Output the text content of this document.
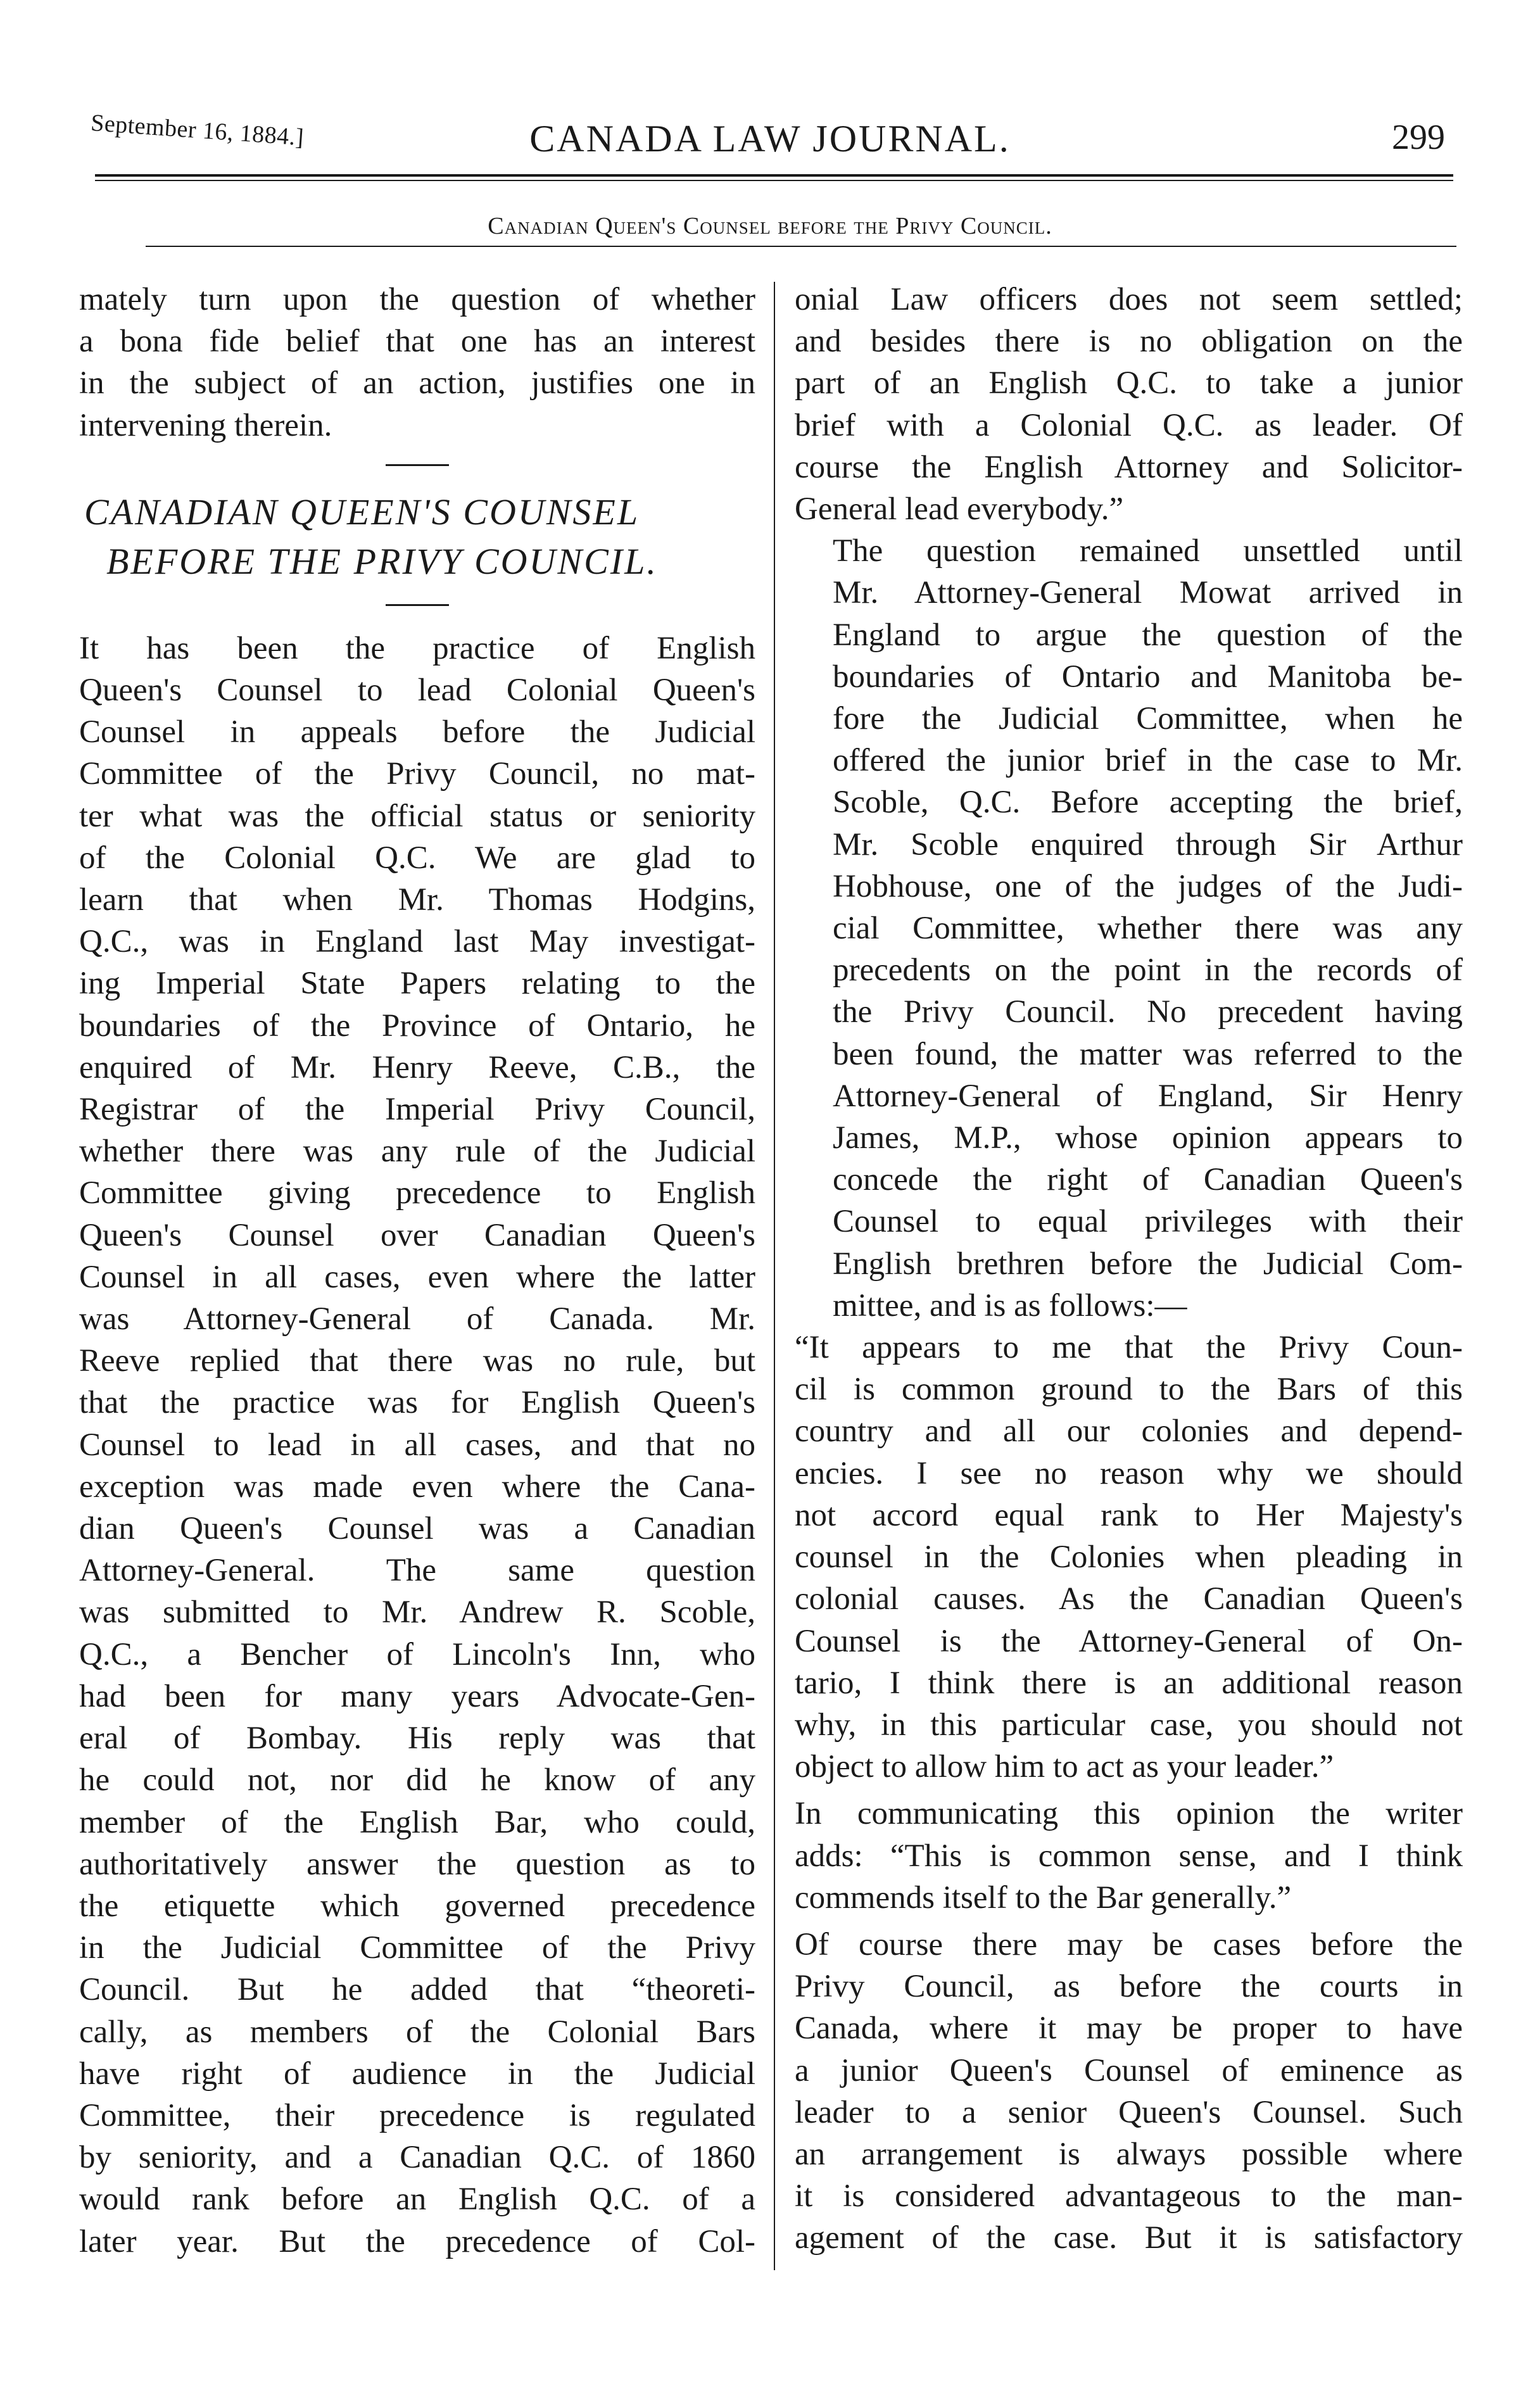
September 16, 1884.]	CANADA LAW JOURNAL.	299
Canadian Queen's Counsel before the Privy Council.

mately turn upon the question of whether
a bona fide belief that one has an interest
in the subject of an action, justifies one in
intervening therein.

CANADIAN QUEEN'S COUNSEL
BEFORE THE PRIVY COUNCIL.

It has been the practice of English
Queen's Counsel to lead Colonial Queen's
Counsel in appeals before the Judicial
Committee of the Privy Council, no mat-
ter what was the official status or seniority
of the Colonial Q.C. We are glad to
learn that when Mr. Thomas Hodgins,
Q.C., was in England last May investigat-
ing Imperial State Papers relating to the
boundaries of the Province of Ontario, he
enquired of Mr. Henry Reeve, C.B., the
Registrar of the Imperial Privy Council,
whether there was any rule of the Judicial
Committee giving precedence to English
Queen's Counsel over Canadian Queen's
Counsel in all cases, even where the latter
was Attorney-General of Canada. Mr.
Reeve replied that there was no rule, but
that the practice was for English Queen's
Counsel to lead in all cases, and that no
exception was made even where the Cana-
dian Queen's Counsel was a Canadian
Attorney-General. The same question
was submitted to Mr. Andrew R. Scoble,
Q.C., a Bencher of Lincoln's Inn, who
had been for many years Advocate-Gen-
eral of Bombay. His reply was that
he could not, nor did he know of any
member of the English Bar, who could,
authoritatively answer the question as to
the etiquette which governed precedence
in the Judicial Committee of the Privy
Council. But he added that “theoreti-
cally, as members of the Colonial Bars
have right of audience in the Judicial
Committee, their precedence is regulated
by seniority, and a Canadian Q.C. of 1860
would rank before an English Q.C. of a
later year. But the precedence of Col-

onial Law officers does not seem settled;
and besides there is no obligation on the
part of an English Q.C. to take a junior
brief with a Colonial Q.C. as leader. Of
course the English Attorney and Solicitor-
General lead everybody.”

The question remained unsettled until
Mr. Attorney-General Mowat arrived in
England to argue the question of the
boundaries of Ontario and Manitoba be-
fore the Judicial Committee, when he
offered the junior brief in the case to Mr.
Scoble, Q.C. Before accepting the brief,
Mr. Scoble enquired through Sir Arthur
Hobhouse, one of the judges of the Judi-
cial Committee, whether there was any
precedents on the point in the records of
the Privy Council. No precedent having
been found, the matter was referred to the
Attorney-General of England, Sir Henry
James, M.P., whose opinion appears to
concede the right of Canadian Queen's
Counsel to equal privileges with their
English brethren before the Judicial Com-
mittee, and is as follows:—

“It appears to me that the Privy Coun-
cil is common ground to the Bars of this
country and all our colonies and depend-
encies. I see no reason why we should
not accord equal rank to Her Majesty's
counsel in the Colonies when pleading in
colonial causes. As the Canadian Queen's
Counsel is the Attorney-General of On-
tario, I think there is an additional reason
why, in this particular case, you should not
object to allow him to act as your leader.”

In communicating this opinion the writer
adds: “This is common sense, and I think
commends itself to the Bar generally.”

Of course there may be cases before the
Privy Council, as before the courts in
Canada, where it may be proper to have
a junior Queen's Counsel of eminence as
leader to a senior Queen's Counsel. Such
an arrangement is always possible where
it is considered advantageous to the man-
agement of the case. But it is satisfactory
